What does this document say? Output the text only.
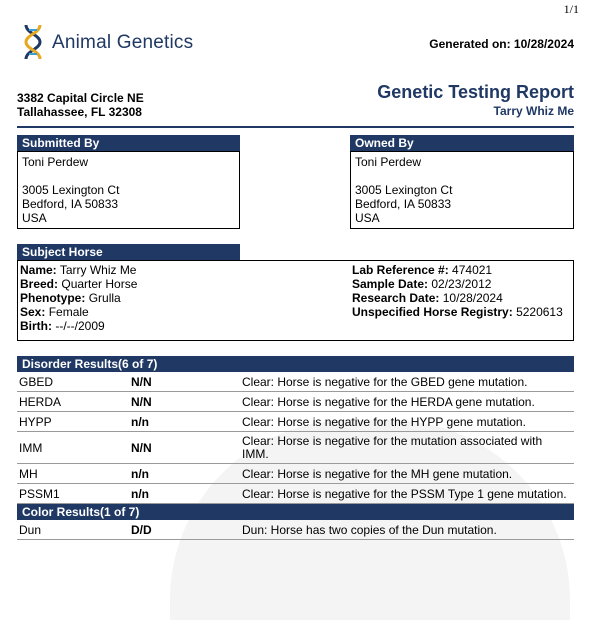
1/1
Animal Genetics	Generated on: 10/28/2024
3382 Capital Circle NE
Tallahassee, FL 32308
Genetic Testing Report
Tarry Whiz Me
Submitted By
Toni Perdew

3005 Lexington Ct
Bedford, IA 50833
USA
Owned By
Toni Perdew

3005 Lexington Ct
Bedford, IA 50833
USA
Subject Horse
Name: Tarry Whiz Me
Breed: Quarter Horse
Phenotype: Grulla
Sex: Female
Birth: --/--/2009
Lab Reference #: 474021
Sample Date: 02/23/2012
Research Date: 10/28/2024
Unspecified Horse Registry: 5220613
Disorder Results(6 of 7)
GBED	N/N	Clear: Horse is negative for the GBED gene mutation.
HERDA	N/N	Clear: Horse is negative for the HERDA gene mutation.
HYPP	n/n	Clear: Horse is negative for the HYPP gene mutation.
IMM	N/N	Clear: Horse is negative for the mutation associated with IMM.
MH	n/n	Clear: Horse is negative for the MH gene mutation.
PSSM1	n/n	Clear: Horse is negative for the PSSM Type 1 gene mutation.
Color Results(1 of 7)
Dun	D/D	Dun: Horse has two copies of the Dun mutation.
